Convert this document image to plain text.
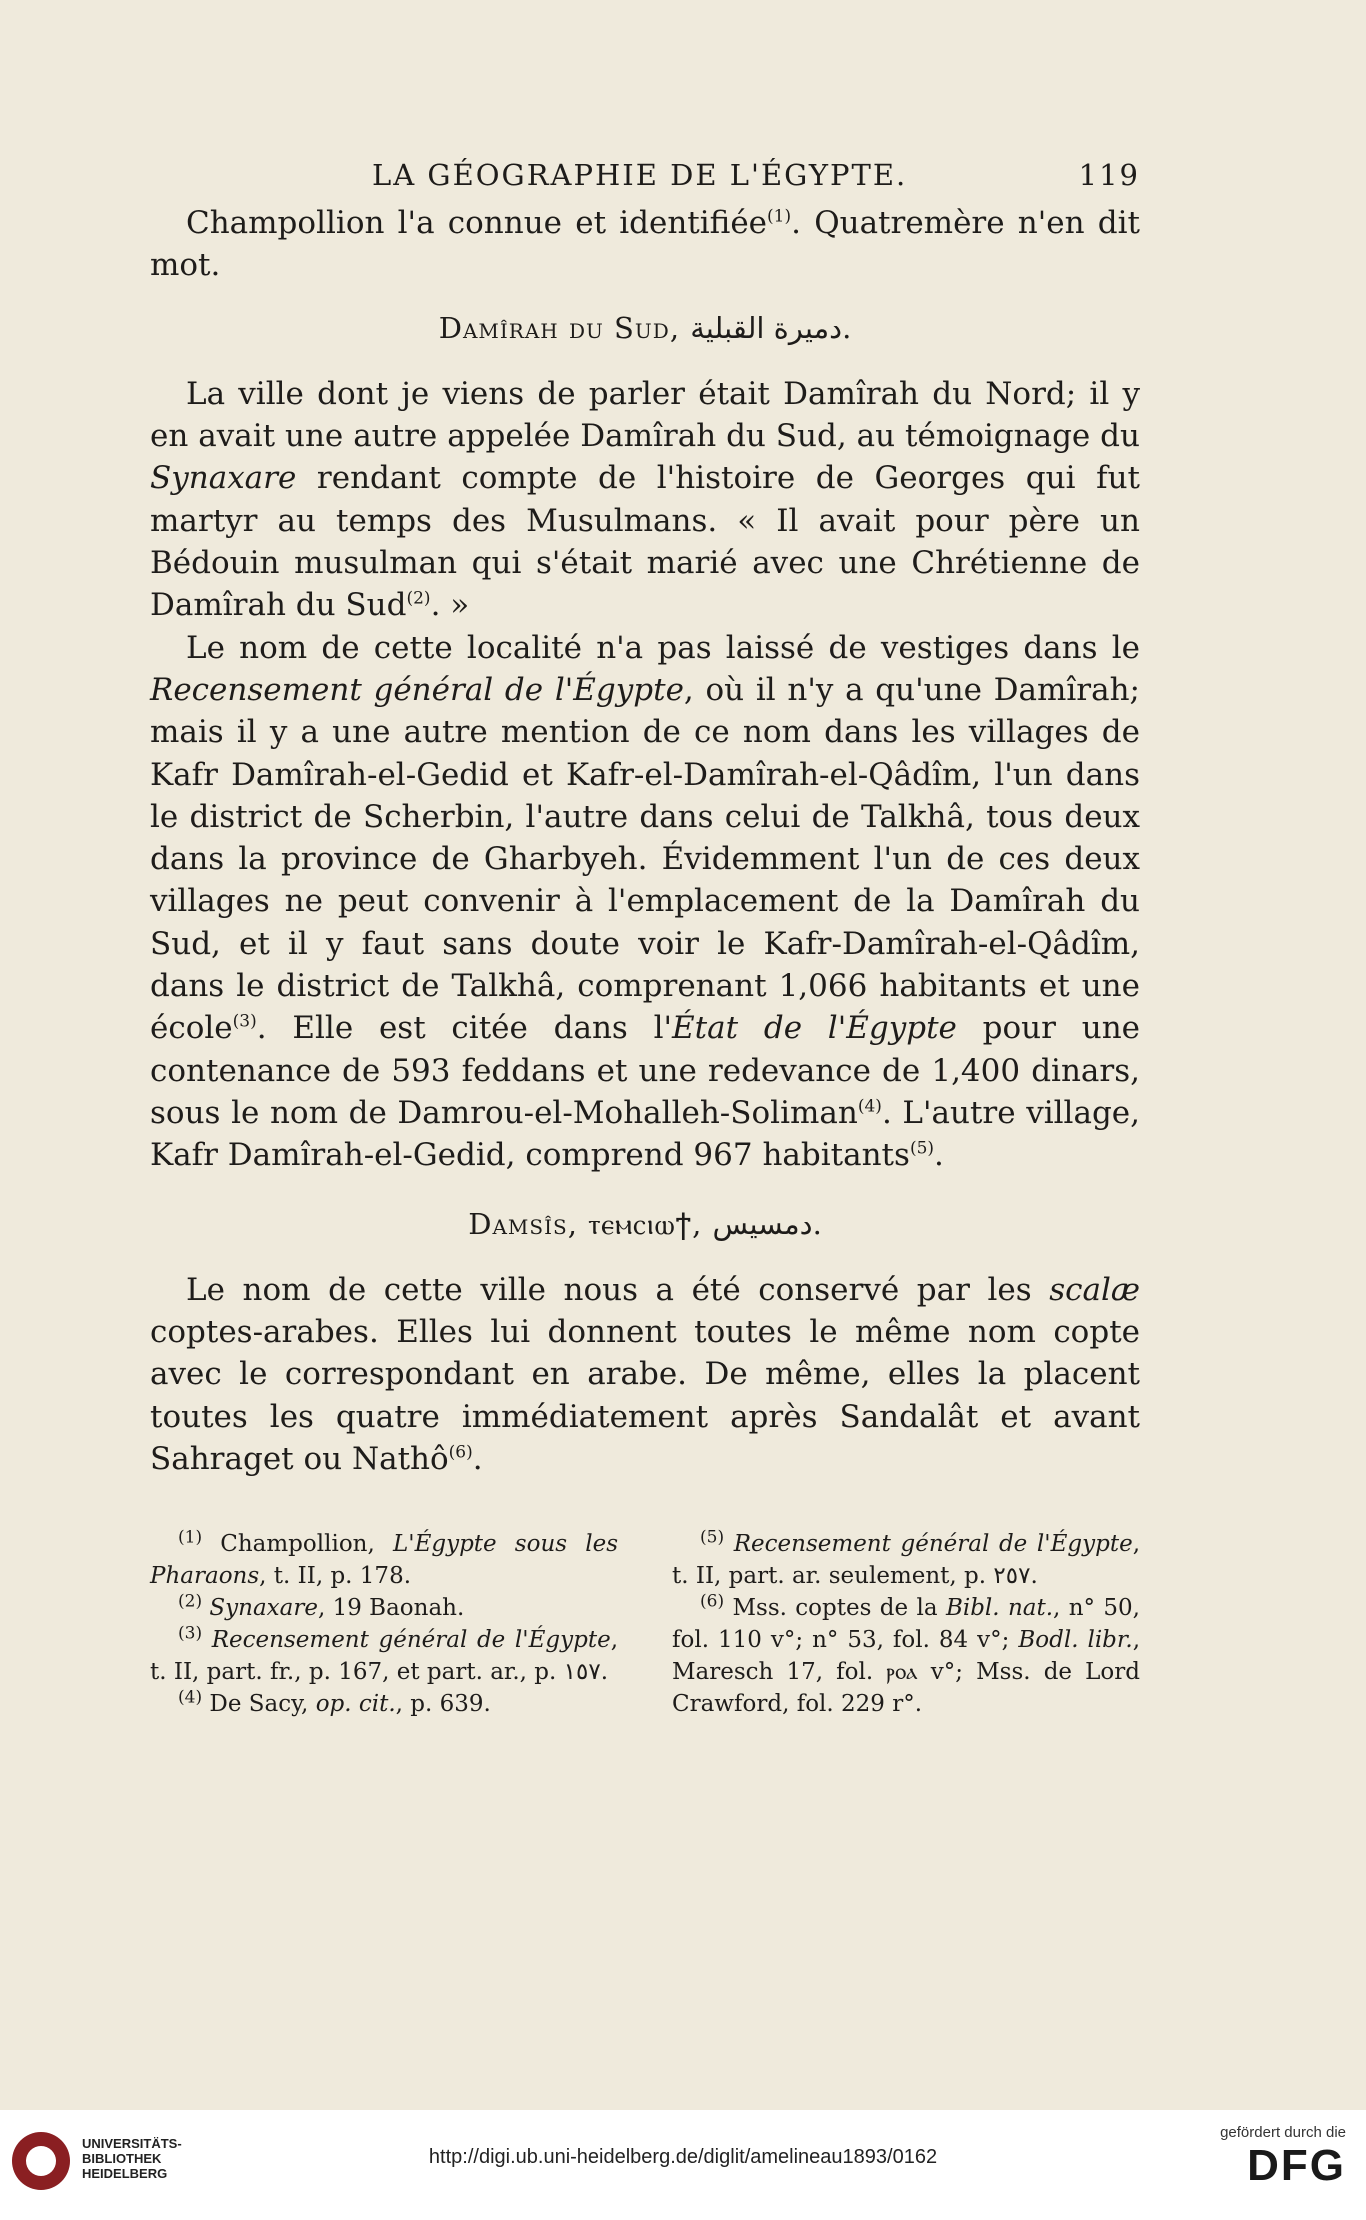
LA GÉOGRAPHIE DE L'ÉGYPTE.	119

Champollion l'a connue et identifiée$^{(1)}$. Quatremère n'en dit mot.

Damîrah du Sud, دميرة القبلية.

La ville dont je viens de parler était Damîrah du Nord; il y en avait une autre appelée Damîrah du Sud, au témoignage du Synaxare rendant compte de l'histoire de Georges qui fut martyr au temps des Musulmans. « Il avait pour père un Bédouin musulman qui s'était marié avec une Chrétienne de Damîrah du Sud$^{(2)}$. »

Le nom de cette localité n'a pas laissé de vestiges dans le Recensement général de l'Égypte, où il n'y a qu'une Damîrah; mais il y a une autre mention de ce nom dans les villages de Kafr Damîrah-el-Gedid et Kafr-el-Damîrah-el-Qâdîm, l'un dans le district de Scherbin, l'autre dans celui de Talkhâ, tous deux dans la province de Gharbyeh. Évidemment l'un de ces deux villages ne peut convenir à l'emplacement de la Damîrah du Sud, et il y faut sans doute voir le Kafr-Damîrah-el-Qâdîm, dans le district de Talkhâ, comprenant 1,066 habitants et une école$^{(3)}$. Elle est citée dans l'État de l'Égypte pour une contenance de 593 feddans et une redevance de 1,400 dinars, sous le nom de Damrou-el-Mohalleh-Soliman$^{(4)}$. L'autre village, Kafr Damîrah-el-Gedid, comprend 967 habitants$^{(5)}$.

Damsîs, ⲧⲉⲙⲥⲓⲱϯ, دمسيس.

Le nom de cette ville nous a été conservé par les scalæ coptes-arabes. Elles lui donnent toutes le même nom copte avec le correspondant en arabe. De même, elles la placent toutes les quatre immédiatement après Sandalât et avant Sahraget ou Nathô$^{(6)}$.

$^{(1)}$ Champollion, L'Égypte sous les Pharaons, t. II, p. 178.
$^{(2)}$ Synaxare, 19 Baonah.
$^{(3)}$ Recensement général de l'Égypte, t. II, part. fr., p. 167, et part. ar., p. ١٥٧.
$^{(4)}$ De Sacy, op. cit., p. 639.
$^{(5)}$ Recensement général de l'Égypte, t. II, part. ar. seulement, p. ٢٥٧.
$^{(6)}$ Mss. coptes de la Bibl. nat., n° 50, fol. 110 v°; n° 53, fol. 84 v°; Bodl. libr., Maresch 17, fol. ⲣⲟⲁ v°; Mss. de Lord Crawford, fol. 229 r°.
UNIVERSITÄTS-
BIBLIOTHEK
HEIDELBERG
http://digi.ub.uni-heidelberg.de/diglit/amelineau1893/0162
gefördert durch die
DFG
